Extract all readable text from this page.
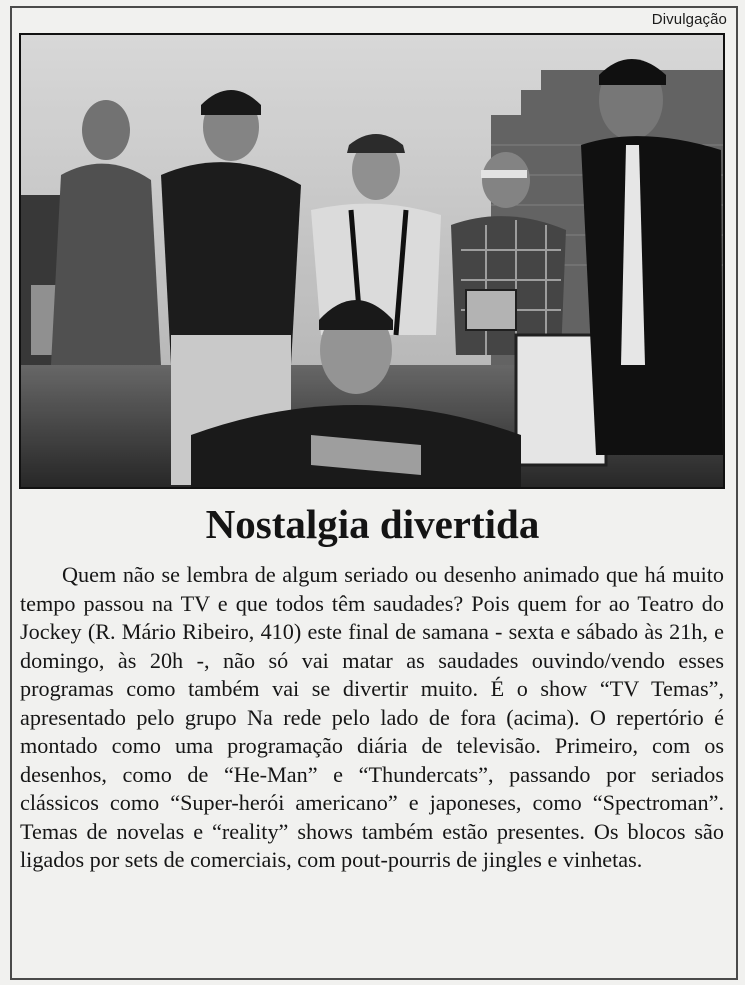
Divulgação
Nostalgia divertida

Quem não se lembra de algum seriado ou desenho animado que há muito tempo passou na TV e que todos têm saudades? Pois quem for ao Teatro do Jockey (R. Mário Ribeiro, 410) este final de samana - sexta e sábado às 21h, e domingo, às 20h -, não só vai matar as saudades ouvindo/vendo esses programas como também vai se divertir muito. É o show “TV Temas”, apresentado pelo grupo Na rede pelo lado de fora (acima). O repertório é montado como uma programação diária de televisão. Primeiro, com os desenhos, como de “He-Man” e “Thundercats”, passando por seriados clássicos como “Super-herói americano” e japoneses, como “Spectroman”. Temas de novelas e “reality” shows também estão presentes. Os blocos são ligados por sets de comerciais, com pout-pourris de jingles e vinhetas.
